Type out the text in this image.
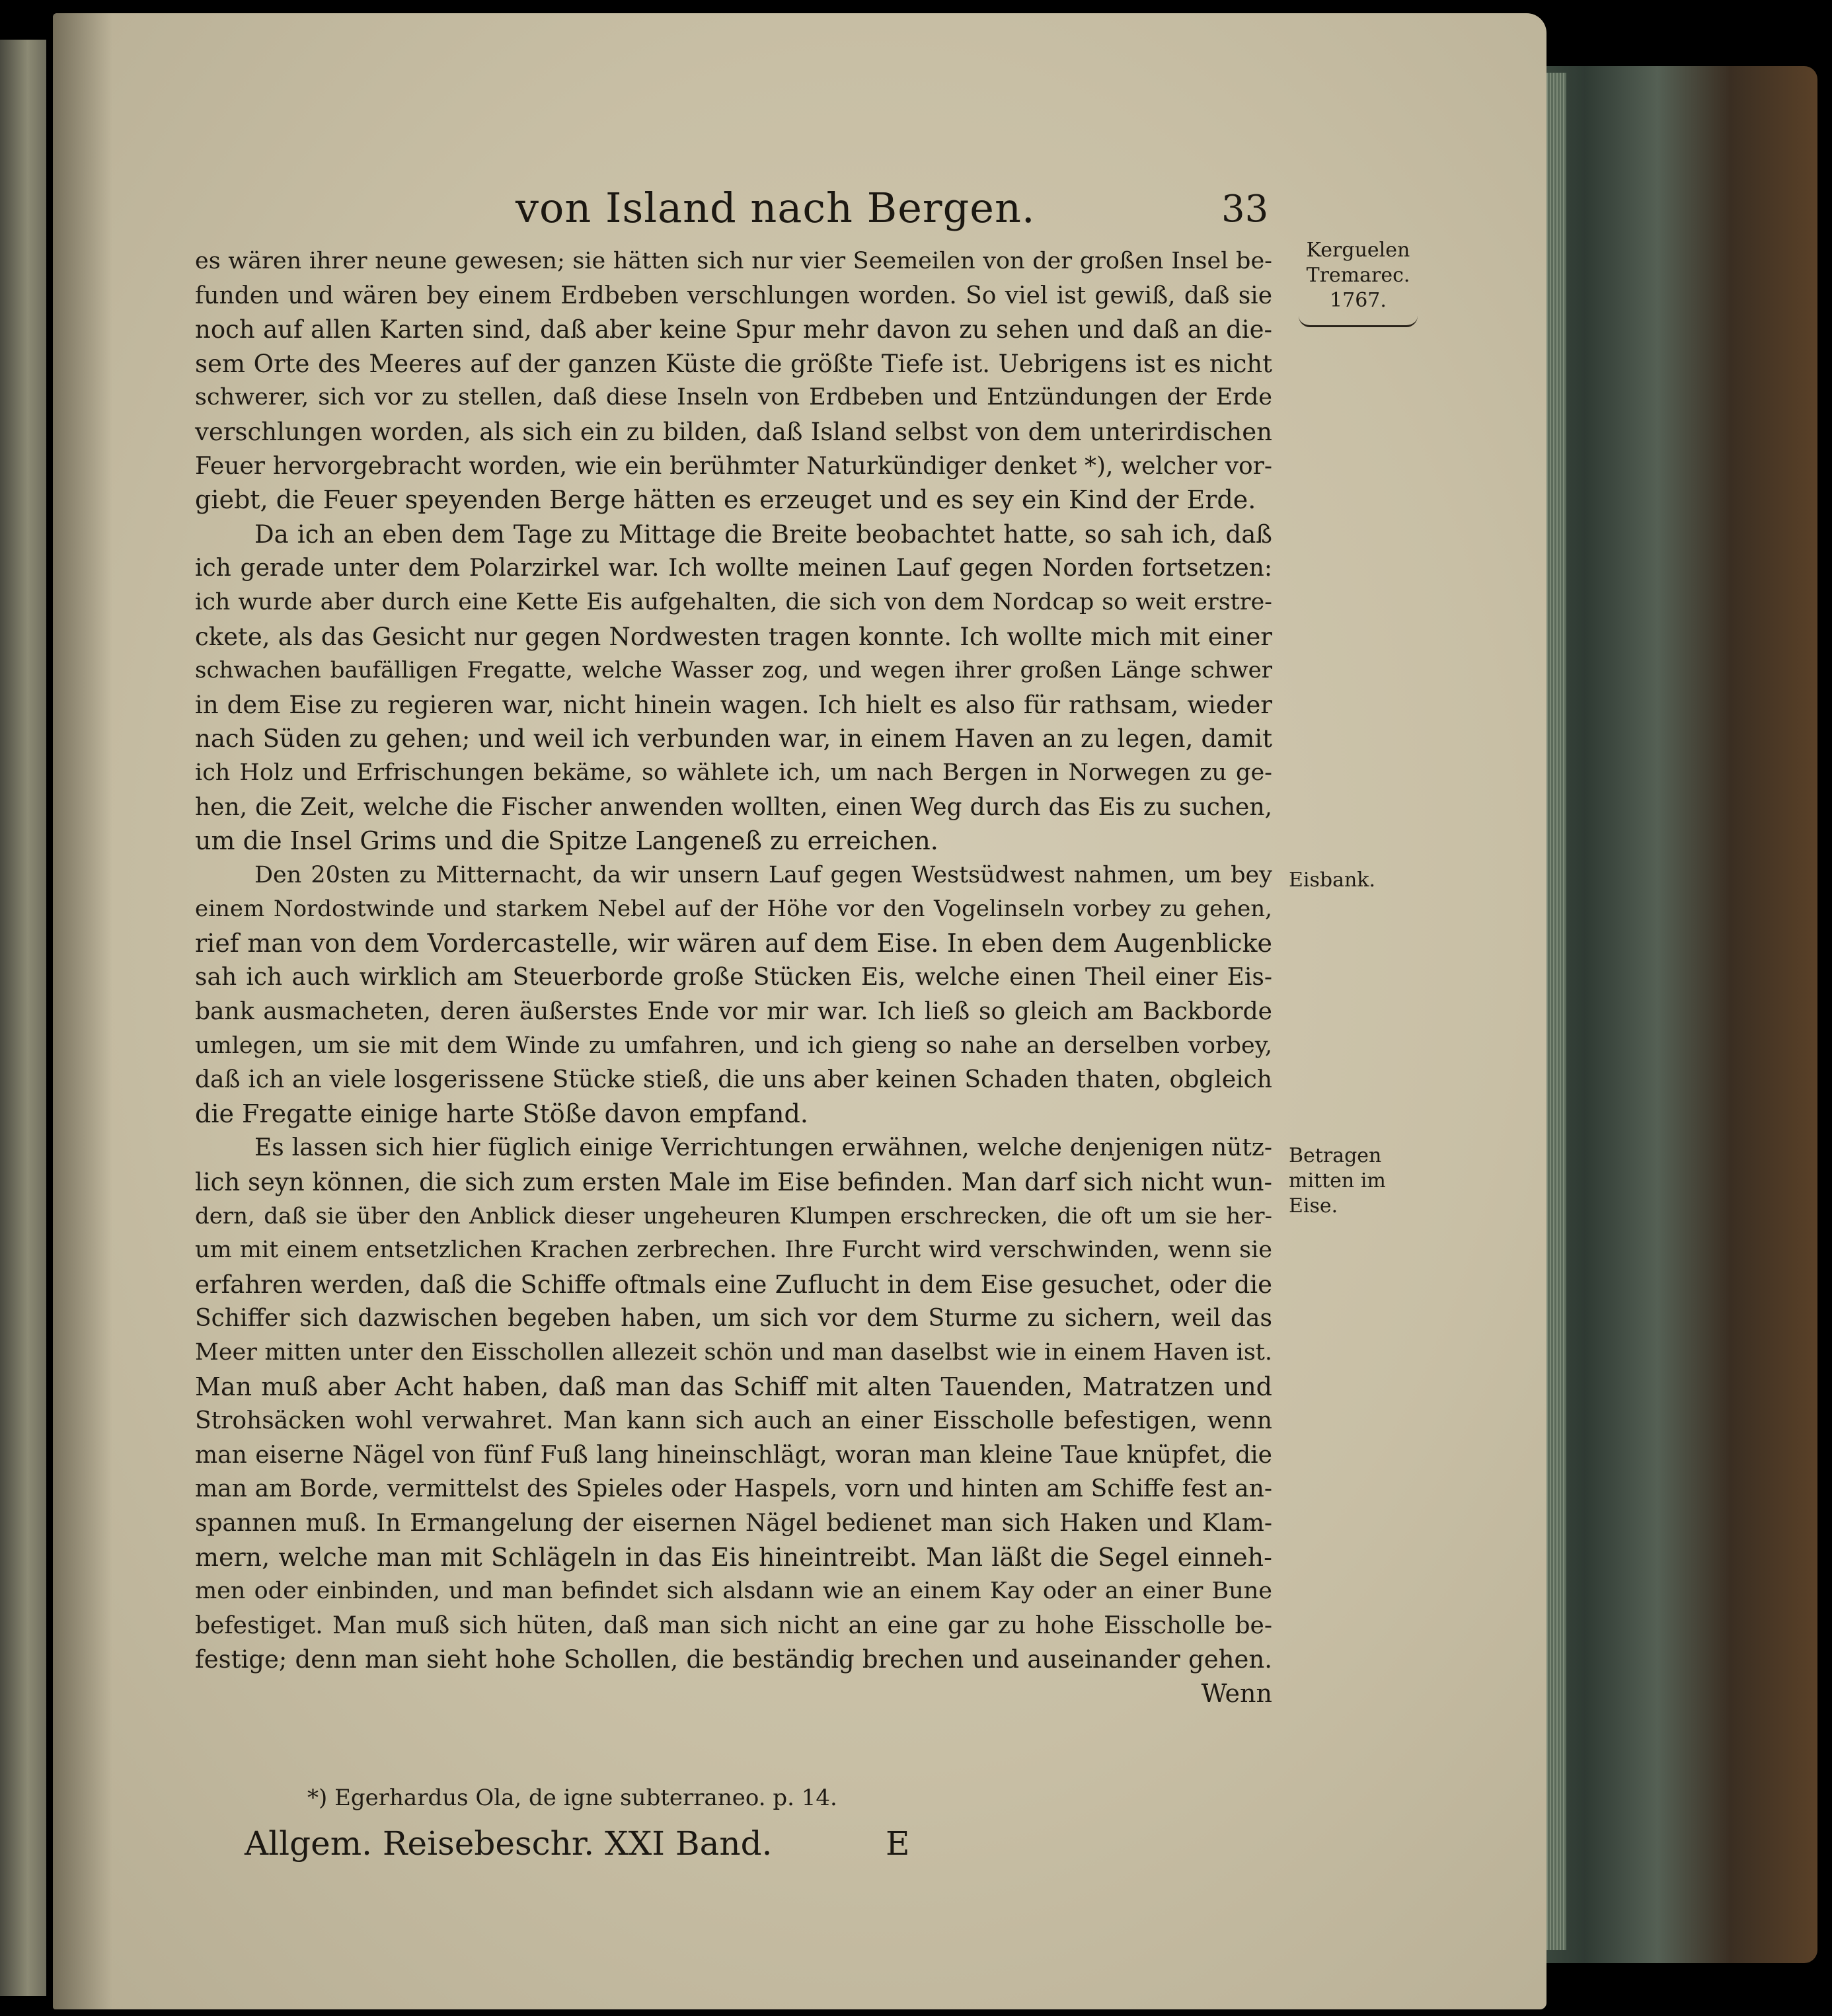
von Island nach Bergen.	33
es wären ihrer neune gewesen; sie hätten sich nur vier Seemeilen von der großen Insel be-
funden und wären bey einem Erdbeben verschlungen worden. So viel ist gewiß, daß sie
noch auf allen Karten sind, daß aber keine Spur mehr davon zu sehen und daß an die-
sem Orte des Meeres auf der ganzen Küste die größte Tiefe ist. Uebrigens ist es nicht
schwerer, sich vor zu stellen, daß diese Inseln von Erdbeben und Entzündungen der Erde
verschlungen worden, als sich ein zu bilden, daß Island selbst von dem unterirdischen
Feuer hervorgebracht worden, wie ein berühmter Naturkündiger denket *), welcher vor-
giebt, die Feuer speyenden Berge hätten es erzeuget und es sey ein Kind der Erde.
Da ich an eben dem Tage zu Mittage die Breite beobachtet hatte, so sah ich, daß
ich gerade unter dem Polarzirkel war. Ich wollte meinen Lauf gegen Norden fortsetzen:
ich wurde aber durch eine Kette Eis aufgehalten, die sich von dem Nordcap so weit erstre-
ckete, als das Gesicht nur gegen Nordwesten tragen konnte. Ich wollte mich mit einer
schwachen baufälligen Fregatte, welche Wasser zog, und wegen ihrer großen Länge schwer
in dem Eise zu regieren war, nicht hinein wagen. Ich hielt es also für rathsam, wieder
nach Süden zu gehen; und weil ich verbunden war, in einem Haven an zu legen, damit
ich Holz und Erfrischungen bekäme, so wählete ich, um nach Bergen in Norwegen zu ge-
hen, die Zeit, welche die Fischer anwenden wollten, einen Weg durch das Eis zu suchen,
um die Insel Grims und die Spitze Langeneß zu erreichen.
Den 20sten zu Mitternacht, da wir unsern Lauf gegen Westsüdwest nahmen, um bey
einem Nordostwinde und starkem Nebel auf der Höhe vor den Vogelinseln vorbey zu gehen,
rief man von dem Vordercastelle, wir wären auf dem Eise. In eben dem Augenblicke
sah ich auch wirklich am Steuerborde große Stücken Eis, welche einen Theil einer Eis-
bank ausmacheten, deren äußerstes Ende vor mir war. Ich ließ so gleich am Backborde
umlegen, um sie mit dem Winde zu umfahren, und ich gieng so nahe an derselben vorbey,
daß ich an viele losgerissene Stücke stieß, die uns aber keinen Schaden thaten, obgleich
die Fregatte einige harte Stöße davon empfand.
Es lassen sich hier füglich einige Verrichtungen erwähnen, welche denjenigen nütz-
lich seyn können, die sich zum ersten Male im Eise befinden. Man darf sich nicht wun-
dern, daß sie über den Anblick dieser ungeheuren Klumpen erschrecken, die oft um sie her-
um mit einem entsetzlichen Krachen zerbrechen. Ihre Furcht wird verschwinden, wenn sie
erfahren werden, daß die Schiffe oftmals eine Zuflucht in dem Eise gesuchet, oder die
Schiffer sich dazwischen begeben haben, um sich vor dem Sturme zu sichern, weil das
Meer mitten unter den Eisschollen allezeit schön und man daselbst wie in einem Haven ist.
Man muß aber Acht haben, daß man das Schiff mit alten Tauenden, Matratzen und
Strohsäcken wohl verwahret. Man kann sich auch an einer Eisscholle befestigen, wenn
man eiserne Nägel von fünf Fuß lang hineinschlägt, woran man kleine Taue knüpfet, die
man am Borde, vermittelst des Spieles oder Haspels, vorn und hinten am Schiffe fest an-
spannen muß. In Ermangelung der eisernen Nägel bedienet man sich Haken und Klam-
mern, welche man mit Schlägeln in das Eis hineintreibt. Man läßt die Segel einneh-
men oder einbinden, und man befindet sich alsdann wie an einem Kay oder an einer Bune
befestiget. Man muß sich hüten, daß man sich nicht an eine gar zu hohe Eisscholle be-
festige; denn man sieht hohe Schollen, die beständig brechen und auseinander gehen.
Wenn
Kerguelen
Tremarec.
1767.
Eisbank.
Betragen
mitten im
Eise.
*) Egerhardus Ola, de igne subterraneo. p. 14.
Allgem. Reisebeschr. XXI Band.	E
